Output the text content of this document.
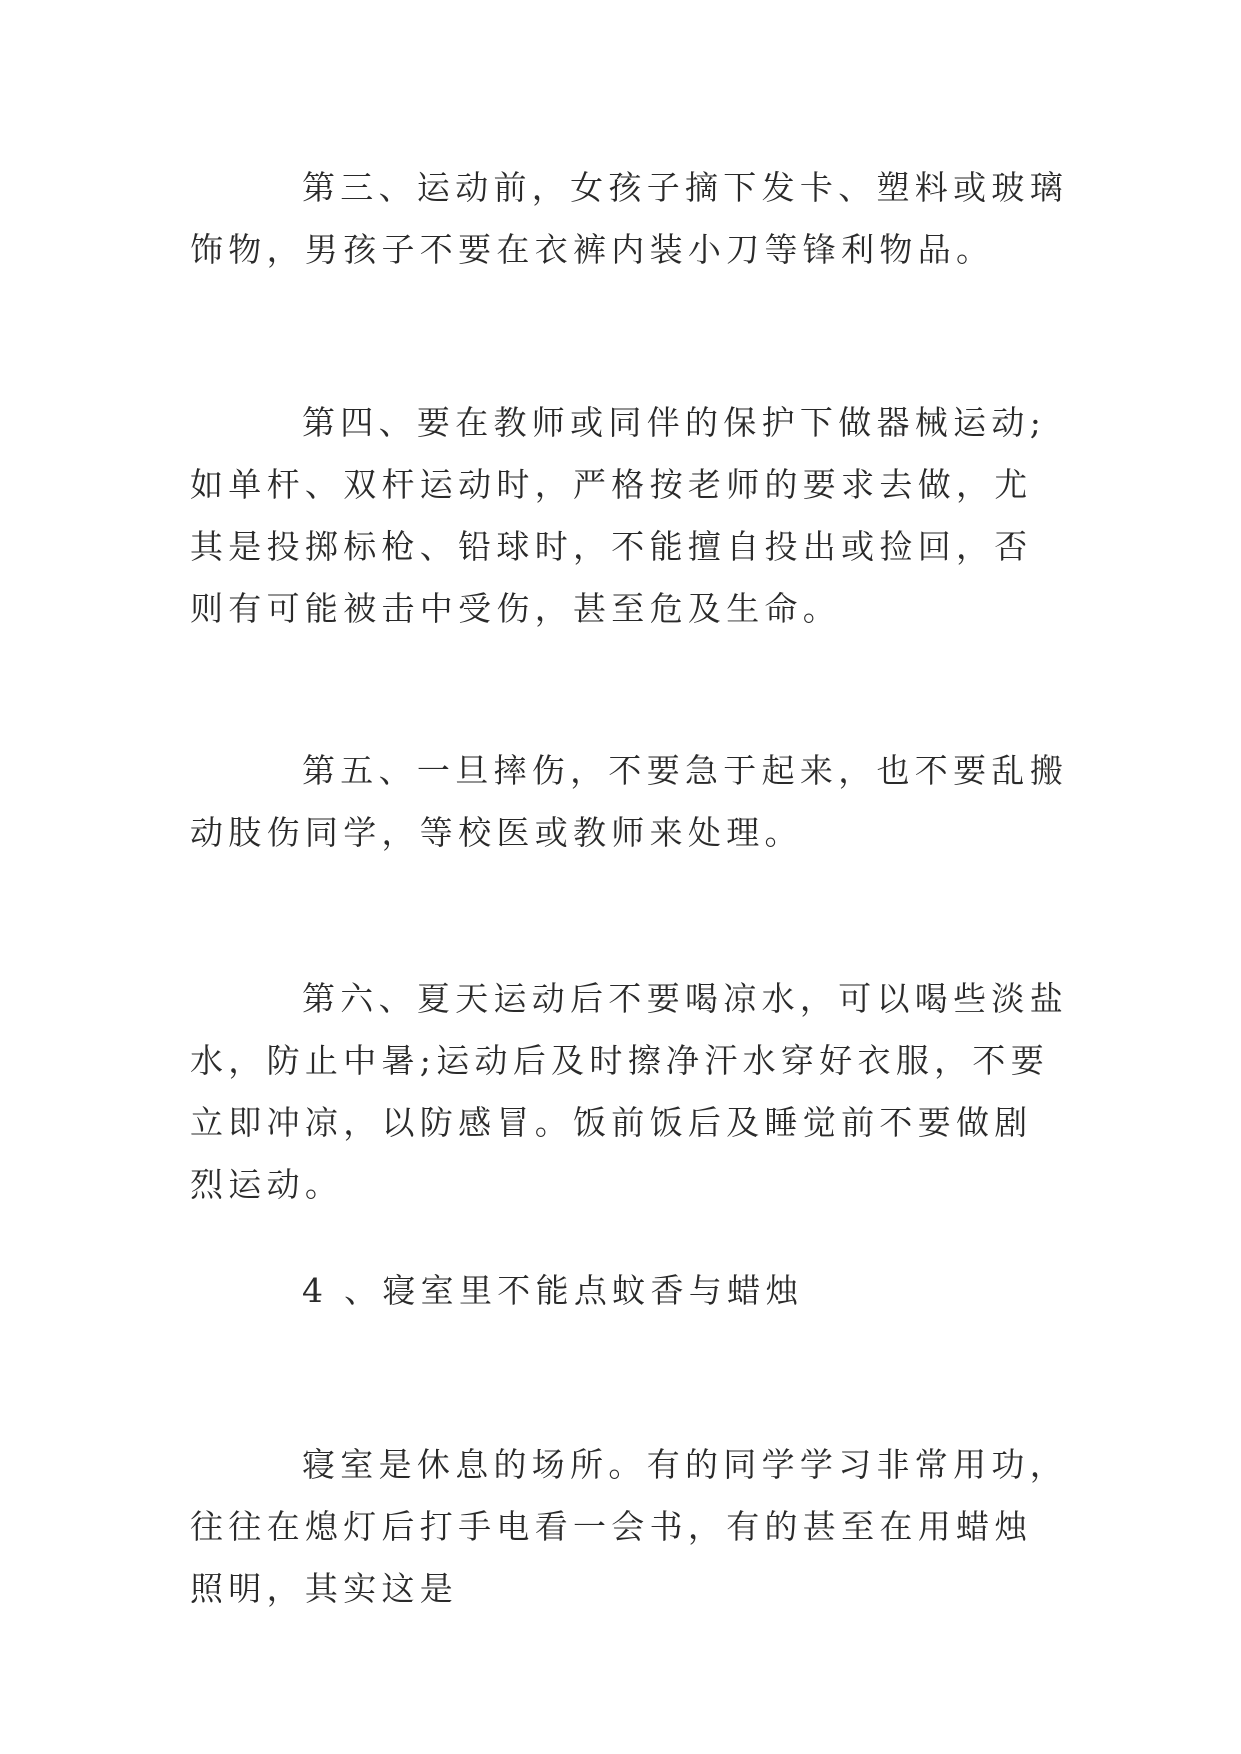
第三、运动前，女孩子摘下发卡、塑料或玻璃饰物，男孩子不要在衣裤内装小刀等锋利物品。

第四、要在教师或同伴的保护下做器械运动;如单杆、双杆运动时，严格按老师的要求去做，尤其是投掷标枪、铅球时，不能擅自投出或捡回，否则有可能被击中受伤，甚至危及生命。

第五、一旦摔伤，不要急于起来，也不要乱搬动肢伤同学，等校医或教师来处理。

第六、夏天运动后不要喝凉水，可以喝些淡盐水，防止中暑;运动后及时擦净汗水穿好衣服，不要立即冲凉，以防感冒。饭前饭后及睡觉前不要做剧烈运动。

4 、寝室里不能点蚊香与蜡烛

寝室是休息的场所。有的同学学习非常用功，往往在熄灯后打手电看一会书，有的甚至在用蜡烛照明，其实这是
